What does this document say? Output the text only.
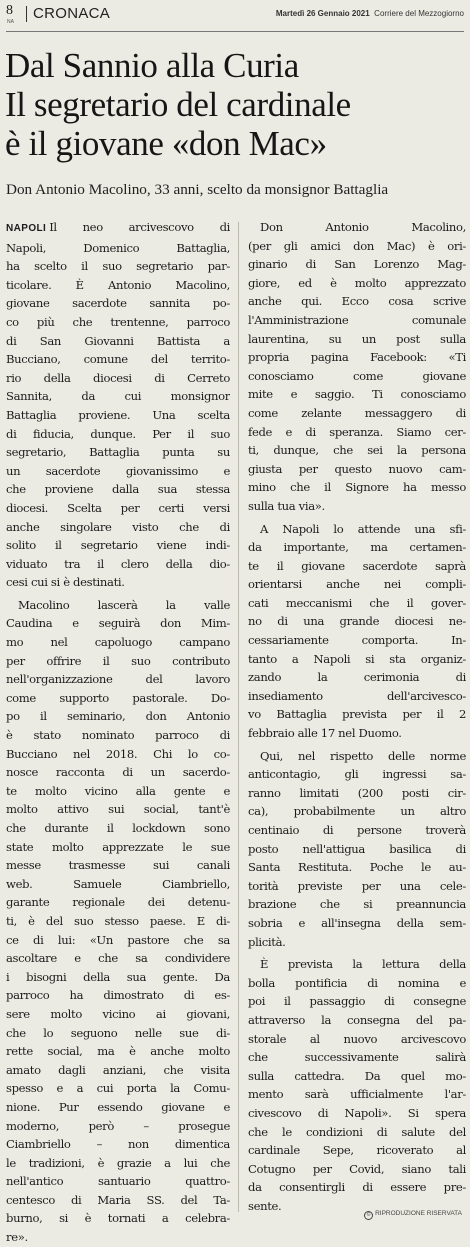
8
NA CRONACA	Martedì 26 Gennaio 2021 Corriere del Mezzogiorno
Dal Sannio alla Curia
Il segretario del cardinale
è il giovane «don Mac»
Don Antonio Macolino, 33 anni, scelto da monsignor Battaglia

NAPOLI Il neo arcivescovo di
Napoli, Domenico Battaglia,
ha scelto il suo segretario par-
ticolare. È Antonio Macolino,
giovane sacerdote sannita po-
co più che trentenne, parroco
di San Giovanni Battista a
Bucciano, comune del territo-
rio della diocesi di Cerreto
Sannita, da cui monsignor
Battaglia proviene. Una scelta
di fiducia, dunque. Per il suo
segretario, Battaglia punta su
un sacerdote giovanissimo e
che proviene dalla sua stessa
diocesi. Scelta per certi versi
anche singolare visto che di
solito il segretario viene indi-
viduato tra il clero della dio-
cesi cui si è destinati.

Macolino lascerà la valle
Caudina e seguirà don Mim-
mo nel capoluogo campano
per offrire il suo contributo
nell'organizzazione del lavoro
come supporto pastorale. Do-
po il seminario, don Antonio
è stato nominato parroco di
Bucciano nel 2018. Chi lo co-
nosce racconta di un sacerdo-
te molto vicino alla gente e
molto attivo sui social, tant'è
che durante il lockdown sono
state molto apprezzate le sue
messe trasmesse sui canali
web. Samuele Ciambriello,
garante regionale dei detenu-
ti, è del suo stesso paese. E di-
ce di lui: «Un pastore che sa
ascoltare e che sa condividere
i bisogni della sua gente. Da
parroco ha dimostrato di es-
sere molto vicino ai giovani,
che lo seguono nelle sue di-
rette social, ma è anche molto
amato dagli anziani, che visita
spesso e a cui porta la Comu-
nione. Pur essendo giovane e
moderno, però – prosegue
Ciambriello – non dimentica
le tradizioni, è grazie a lui che
nell'antico santuario quattro-
centesco di Maria SS. del Ta-
burno, si è tornati a celebra-
re».

Don Antonio Macolino,
(per gli amici don Mac) è ori-
ginario di San Lorenzo Mag-
giore, ed è molto apprezzato
anche qui. Ecco cosa scrive
l'Amministrazione comunale
laurentina, su un post sulla
propria pagina Facebook: «Ti
conosciamo come giovane
mite e saggio. Ti conosciamo
come zelante messaggero di
fede e di speranza. Siamo cer-
ti, dunque, che sei la persona
giusta per questo nuovo cam-
mino che il Signore ha messo
sulla tua via».

A Napoli lo attende una sfi-
da importante, ma certamen-
te il giovane sacerdote saprà
orientarsi anche nei compli-
cati meccanismi che il gover-
no di una grande diocesi ne-
cessariamente comporta. In-
tanto a Napoli si sta organiz-
zando la cerimonia di
insediamento dell'arcivesco-
vo Battaglia prevista per il 2
febbraio alle 17 nel Duomo.

Qui, nel rispetto delle norme
anticontagio, gli ingressi sa-
ranno limitati (200 posti cir-
ca), probabilmente un altro
centinaio di persone troverà
posto nell'attigua basilica di
Santa Restituta. Poche le au-
torità previste per una cele-
brazione che si preannuncia
sobria e all'insegna della sem-
plicità.

È prevista la lettura della
bolla pontificia di nomina e
poi il passaggio di consegne
attraverso la consegna del pa-
storale al nuovo arcivescovo
che successivamente salirà
sulla cattedra. Da quel mo-
mento sarà ufficialmente l'ar-
civescovo di Napoli». Si spera
che le condizioni di salute del
cardinale Sepe, ricoverato al
Cotugno per Covid, siano tali
da consentirgli di essere pre-
sente.

© RIPRODUZIONE RISERVATA
